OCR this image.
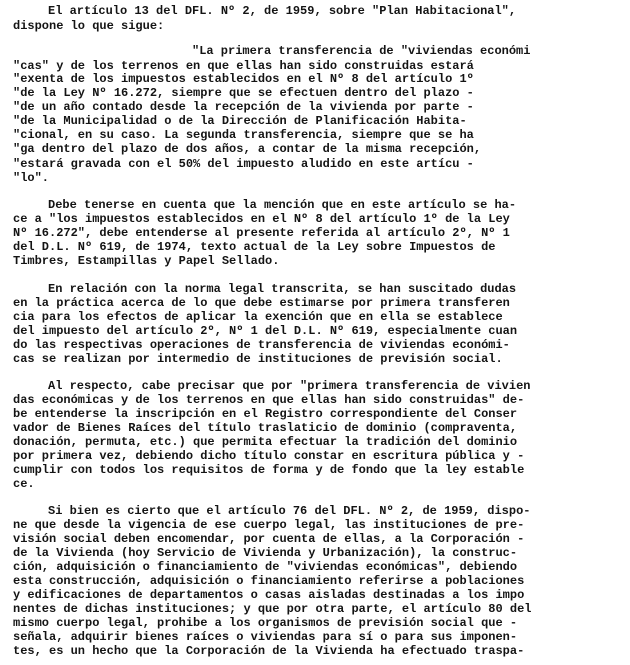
El artículo 13 del DFL. Nº 2, de 1959, sobre "Plan Habitacional",
dispone lo que sigue:
"La primera transferencia de "viviendas económi
"cas" y de los terrenos en que ellas han sido construidas estará
"exenta de los impuestos establecidos en el Nº 8 del artículo 1º
"de la Ley Nº 16.272, siempre que se efectuen dentro del plazo -
"de un año contado desde la recepción de la vivienda por parte -
"de la Municipalidad o de la Dirección de Planificación Habita-
"cional, en su caso. La segunda transferencia, siempre que se ha
"ga dentro del plazo de dos años, a contar de la misma recepción,
"estará gravada con el 50% del impuesto aludido en este artícu -
"lo".
Debe tenerse en cuenta que la mención que en este artículo se ha-
ce a "los impuestos establecidos en el Nº 8 del artículo 1º de la Ley
Nº 16.272", debe entenderse al presente referida al artículo 2º, Nº 1
del D.L. Nº 619, de 1974, texto actual de la Ley sobre Impuestos de
Timbres, Estampillas y Papel Sellado.
En relación con la norma legal transcrita, se han suscitado dudas
en la práctica acerca de lo que debe estimarse por primera transferen
cia para los efectos de aplicar la exención que en ella se establece
del impuesto del artículo 2º, Nº 1 del D.L. Nº 619, especialmente cuan
do las respectivas operaciones de transferencia de viviendas económi-
cas se realizan por intermedio de instituciones de previsión social.
Al respecto, cabe precisar que por "primera transferencia de vivien
das económicas y de los terrenos en que ellas han sido construidas" de-
be entenderse la inscripción en el Registro correspondiente del Conser
vador de Bienes Raíces del título traslaticio de dominio (compraventa,
donación, permuta, etc.) que permita efectuar la tradición del dominio
por primera vez, debiendo dicho título constar en escritura pública y -
cumplir con todos los requisitos de forma y de fondo que la ley estable
ce.
Si bien es cierto que el artículo 76 del DFL. Nº 2, de 1959, dispo-
ne que desde la vigencia de ese cuerpo legal, las instituciones de pre-
visión social deben encomendar, por cuenta de ellas, a la Corporación -
de la Vivienda (hoy Servicio de Vivienda y Urbanización), la construc-
ción, adquisición o financiamiento de "viviendas económicas", debiendo
esta construcción, adquisición o financiamiento referirse a poblaciones
y edificaciones de departamentos o casas aisladas destinadas a los impo
nentes de dichas instituciones; y que por otra parte, el artículo 80 del
mismo cuerpo legal, prohibe a los organismos de previsión social que -
señala, adquirir bienes raíces o viviendas para sí o para sus imponen-
tes, es un hecho que la Corporación de la Vivienda ha efectuado traspa-
